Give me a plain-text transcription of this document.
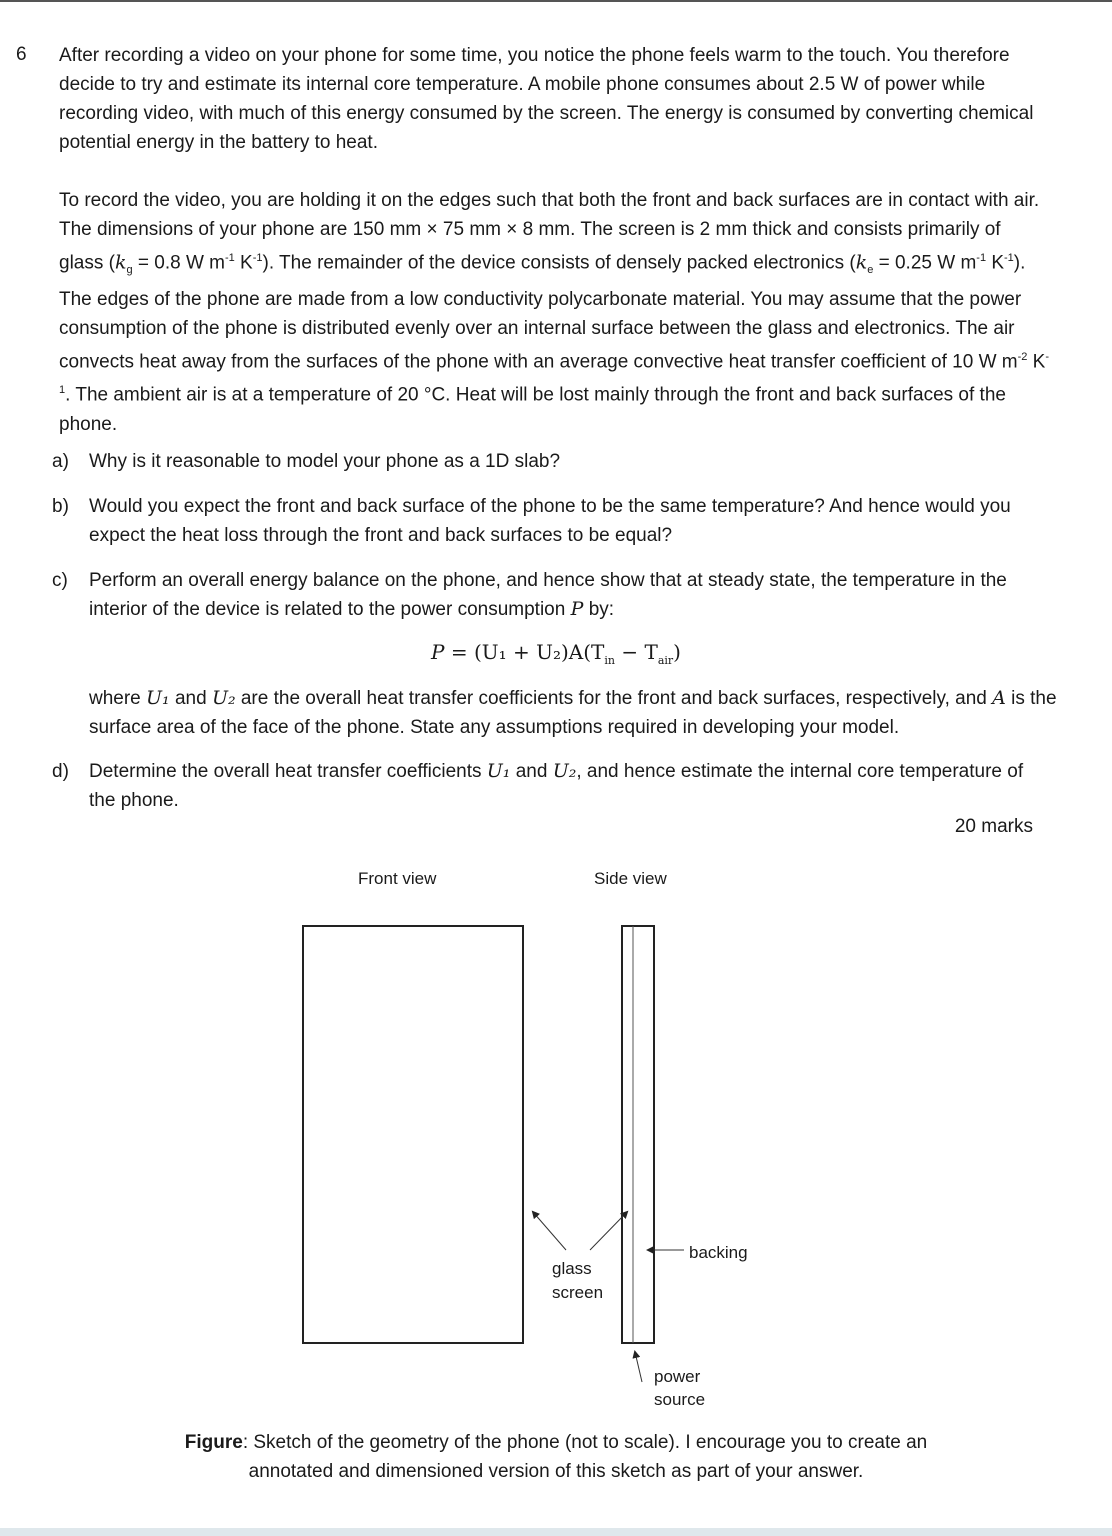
6 After recording a video on your phone for some time, you notice the phone feels warm to the touch. You therefore decide to try and estimate its internal core temperature. A mobile phone consumes about 2.5 W of power while recording video, with much of this energy consumed by the screen. The energy is consumed by converting chemical potential energy in the battery to heat.

To record the video, you are holding it on the edges such that both the front and back surfaces are in contact with air. The dimensions of your phone are 150 mm × 75 mm × 8 mm. The screen is 2 mm thick and consists primarily of glass ($k_g = 0.8$ W $m^{-1}$ $K^{-1}$). The remainder of the device consists of densely packed electronics ($k_e = 0.25$ W $m^{-1}$ $K^{-1}$). The edges of the phone are made from a low conductivity polycarbonate material. You may assume that the power consumption of the phone is distributed evenly over an internal surface between the glass and electronics. The air convects heat away from the surfaces of the phone with an average convective heat transfer coefficient of 10 W $m^{-2}$ $K^{-1}$. The ambient air is at a temperature of 20 °C. Heat will be lost mainly through the front and back surfaces of the phone.

a) Why is it reasonable to model your phone as a 1D slab?
b) Would you expect the front and back surface of the phone to be the same temperature? And hence would you expect the heat loss through the front and back surfaces to be equal?
c) Perform an overall energy balance on the phone, and hence show that at steady state, the temperature in the interior of the device is related to the power consumption P by:
$P = (U_1 + U_2)A(T_{in} - T_{air})$
where U₁ and U₂ are the overall heat transfer coefficients for the front and back surfaces, respectively, and A is the surface area of the face of the phone. State any assumptions required in developing your model.
d) Determine the overall heat transfer coefficients U₁ and U₂, and hence estimate the internal core temperature of the phone.
20 marks
Front view	Side view
backing
glass
screen
power
source
Figure: Sketch of the geometry of the phone (not to scale). I encourage you to create an
annotated and dimensioned version of this sketch as part of your answer.
